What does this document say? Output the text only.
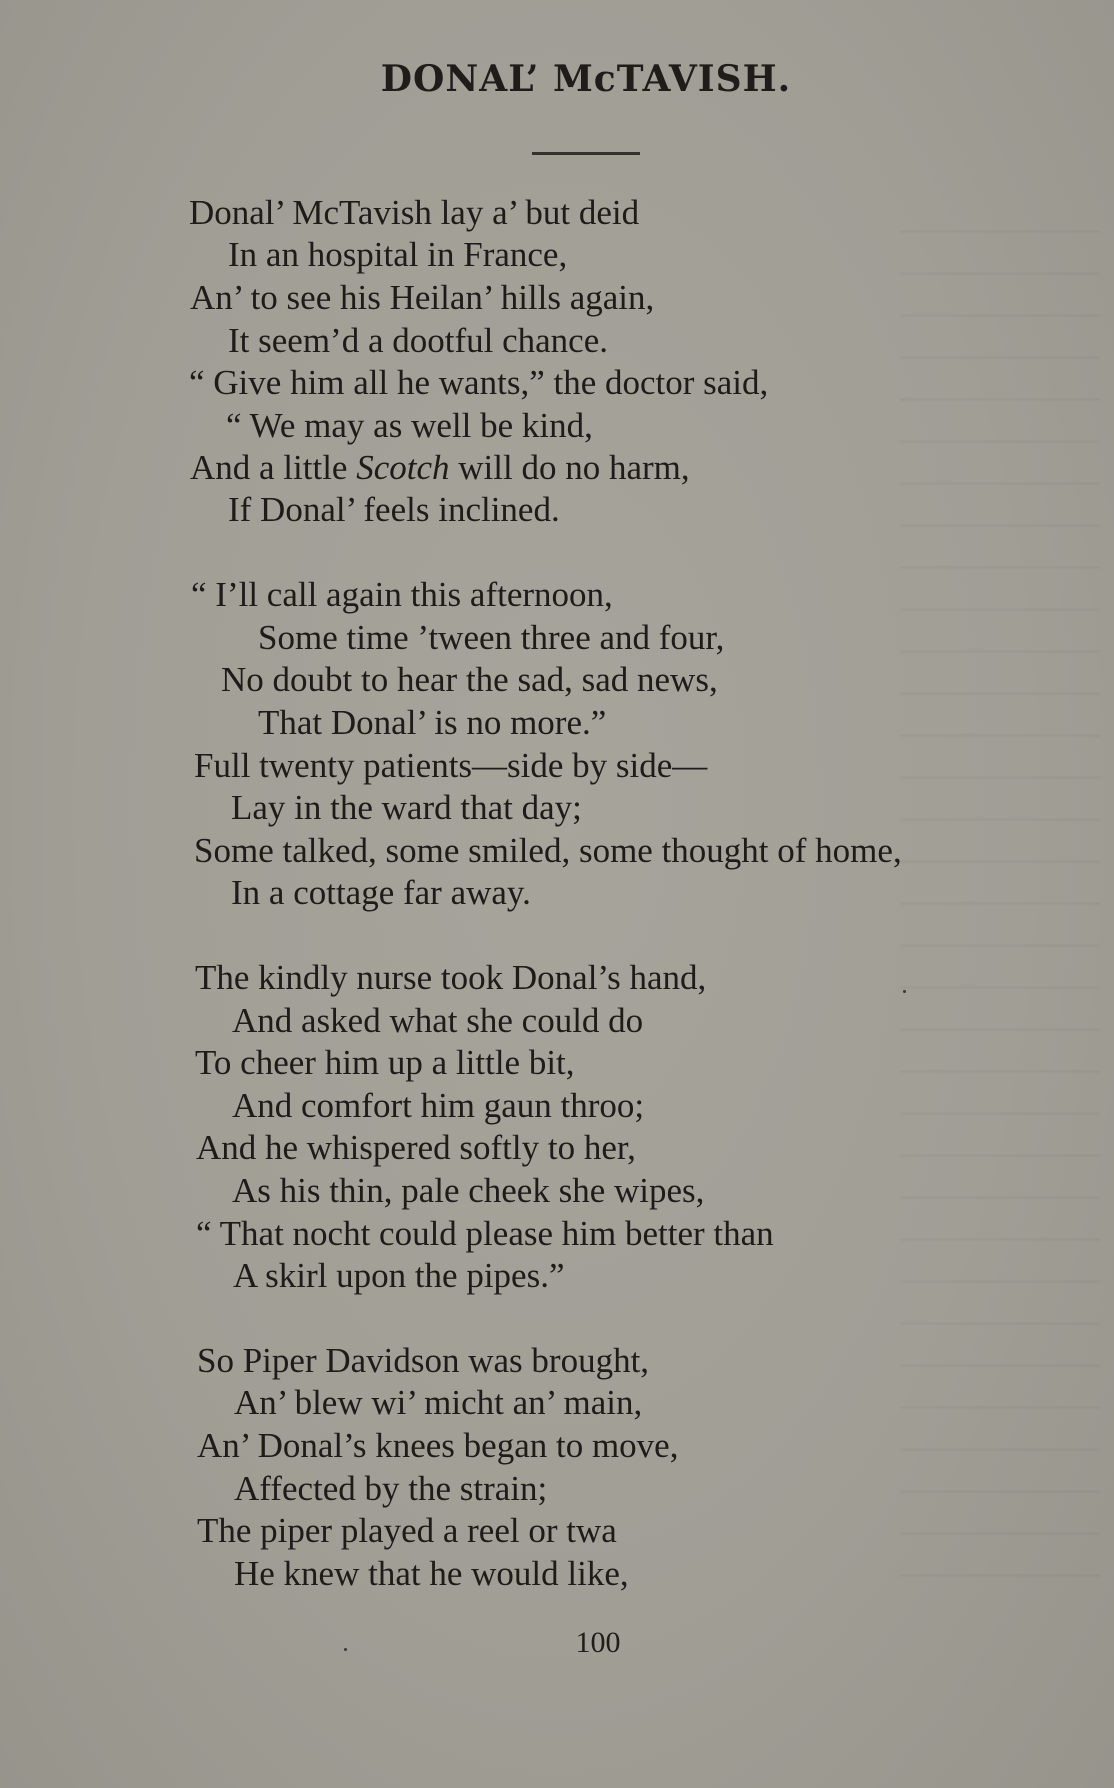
DONAL’ McTAVISH.
Donal’ McTavish lay a’ but deid
In an hospital in France,
An’ to see his Heilan’ hills again,
It seem’d a dootful chance.
“ Give him all he wants,” the doctor said,
“ We may as well be kind,
And a little Scotch will do no harm,
If Donal’ feels inclined.
“ I’ll call again this afternoon,
Some time ’tween three and four,
No doubt to hear the sad, sad news,
That Donal’ is no more.”
Full twenty patients—side by side—
Lay in the ward that day;
Some talked, some smiled, some thought of home,
In a cottage far away.
The kindly nurse took Donal’s hand,
And asked what she could do
To cheer him up a little bit,
And comfort him gaun throo;
And he whispered softly to her,
As his thin, pale cheek she wipes,
“ That nocht could please him better than
A skirl upon the pipes.”
So Piper Davidson was brought,
An’ blew wi’ micht an’ main,
An’ Donal’s knees began to move,
Affected by the strain;
The piper played a reel or twa
He knew that he would like,
100
